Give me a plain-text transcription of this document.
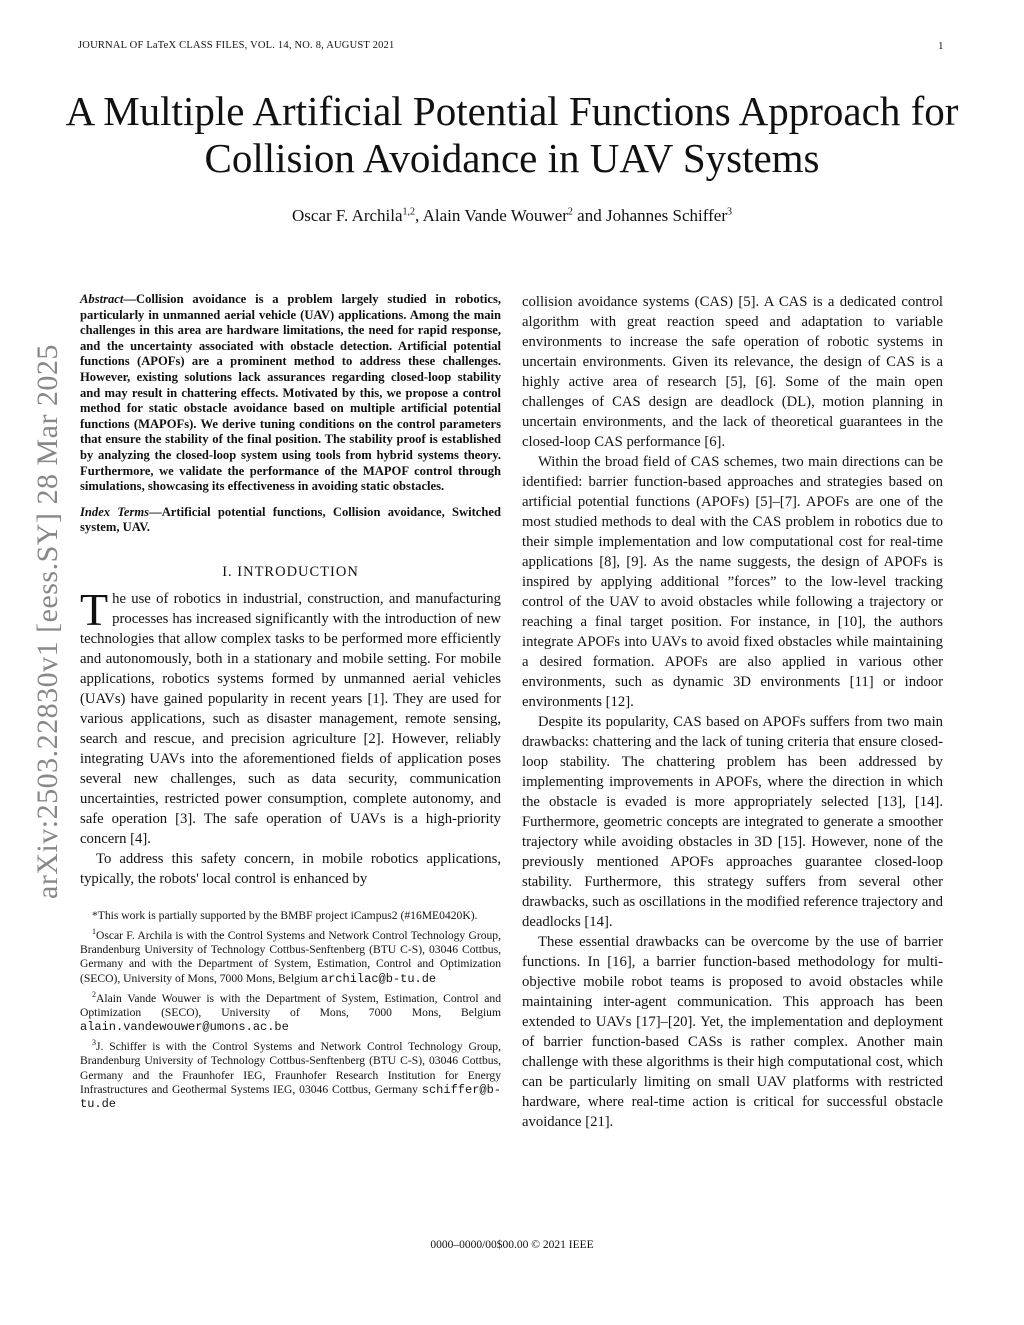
JOURNAL OF LaTeX CLASS FILES, VOL. 14, NO. 8, AUGUST 2021	1
A Multiple Artificial Potential Functions Approach for Collision Avoidance in UAV Systems
Oscar F. Archila$^{1,2}$, Alain Vande Wouwer$^2$ and Johannes Schiffer$^3$
arXiv:2503.22830v1 [eess.SY] 28 Mar 2025

Abstract—Collision avoidance is a problem largely studied in robotics, particularly in unmanned aerial vehicle (UAV) applications. Among the main challenges in this area are hardware limitations, the need for rapid response, and the uncertainty associated with obstacle detection. Artificial potential functions (APOFs) are a prominent method to address these challenges. However, existing solutions lack assurances regarding closed-loop stability and may result in chattering effects. Motivated by this, we propose a control method for static obstacle avoidance based on multiple artificial potential functions (MAPOFs). We derive tuning conditions on the control parameters that ensure the stability of the final position. The stability proof is established by analyzing the closed-loop system using tools from hybrid systems theory. Furthermore, we validate the performance of the MAPOF control through simulations, showcasing its effectiveness in avoiding static obstacles.

Index Terms—Artificial potential functions, Collision avoidance, Switched system, UAV.

I. INTRODUCTION

The use of robotics in industrial, construction, and manufacturing processes has increased significantly with the introduction of new technologies that allow complex tasks to be performed more efficiently and autonomously, both in a stationary and mobile setting. For mobile applications, robotics systems formed by unmanned aerial vehicles (UAVs) have gained popularity in recent years [1]. They are used for various applications, such as disaster management, remote sensing, search and rescue, and precision agriculture [2]. However, reliably integrating UAVs into the aforementioned fields of application poses several new challenges, such as data security, communication uncertainties, restricted power consumption, complete autonomy, and safe operation [3]. The safe operation of UAVs is a high-priority concern [4].

To address this safety concern, in mobile robotics applications, typically, the robots' local control is enhanced by

*This work is partially supported by the BMBF project iCampus2 (#16ME0420K).

$^1$Oscar F. Archila is with the Control Systems and Network Control Technology Group, Brandenburg University of Technology Cottbus-Senftenberg (BTU C-S), 03046 Cottbus, Germany and with the Department of System, Estimation, Control and Optimization (SECO), University of Mons, 7000 Mons, Belgium archilac@b-tu.de

$^2$Alain Vande Wouwer is with the Department of System, Estimation, Control and Optimization (SECO), University of Mons, 7000 Mons, Belgium alain.vandewouwer@umons.ac.be

$^3$J. Schiffer is with the Control Systems and Network Control Technology Group, Brandenburg University of Technology Cottbus-Senftenberg (BTU C-S), 03046 Cottbus, Germany and the Fraunhofer IEG, Fraunhofer Research Institution for Energy Infrastructures and Geothermal Systems IEG, 03046 Cottbus, Germany schiffer@b-tu.de

collision avoidance systems (CAS) [5]. A CAS is a dedicated control algorithm with great reaction speed and adaptation to variable environments to increase the safe operation of robotic systems in uncertain environments. Given its relevance, the design of CAS is a highly active area of research [5], [6]. Some of the main open challenges of CAS design are deadlock (DL), motion planning in uncertain environments, and the lack of theoretical guarantees in the closed-loop CAS performance [6].

Within the broad field of CAS schemes, two main directions can be identified: barrier function-based approaches and strategies based on artificial potential functions (APOFs) [5]–[7]. APOFs are one of the most studied methods to deal with the CAS problem in robotics due to their simple implementation and low computational cost for real-time applications [8], [9]. As the name suggests, the design of APOFs is inspired by applying additional ”forces” to the low-level tracking control of the UAV to avoid obstacles while following a trajectory or reaching a final target position. For instance, in [10], the authors integrate APOFs into UAVs to avoid fixed obstacles while maintaining a desired formation. APOFs are also applied in various other environments, such as dynamic 3D environments [11] or indoor environments [12].

Despite its popularity, CAS based on APOFs suffers from two main drawbacks: chattering and the lack of tuning criteria that ensure closed-loop stability. The chattering problem has been addressed by implementing improvements in APOFs, where the direction in which the obstacle is evaded is more appropriately selected [13], [14]. Furthermore, geometric concepts are integrated to generate a smoother trajectory while avoiding obstacles in 3D [15]. However, none of the previously mentioned APOFs approaches guarantee closed-loop stability. Furthermore, this strategy suffers from several other drawbacks, such as oscillations in the modified reference trajectory and deadlocks [14].

These essential drawbacks can be overcome by the use of barrier functions. In [16], a barrier function-based methodology for multi-objective mobile robot teams is proposed to avoid obstacles while maintaining inter-agent communication. This approach has been extended to UAVs [17]–[20]. Yet, the implementation and deployment of barrier function-based CASs is rather complex. Another main challenge with these algorithms is their high computational cost, which can be particularly limiting on small UAV platforms with restricted hardware, where real-time action is critical for successful obstacle avoidance [21].

0000–0000/00$00.00 © 2021 IEEE
